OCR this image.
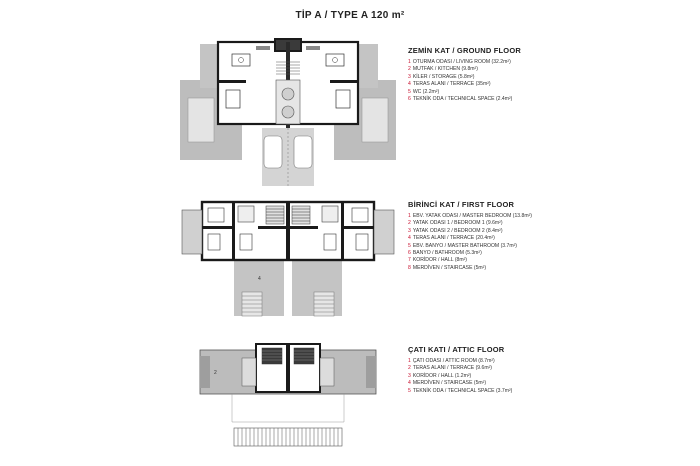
TİP A / TYPE A 120 m²
ZEMİN KAT / GROUND FLOOR
1 OTURMA ODASI / LIVING ROOM (32.2m²)
2 MUTFAK / KITCHEN (9.8m²)
3 KİLER / STORAGE (5.8m²)
4 TERAS ALANI / TERRACE (35m²)
5 WC (2.2m²)
6 TEKNİK ODA / TECHNICAL SPACE (2.4m²)
4
BİRİNCİ KAT / FIRST FLOOR
1 EBV. YATAK ODASI / MASTER BEDROOM (13.8m²)
2 YATAK ODASI 1 / BEDROOM 1 (9.6m²)
3 YATAK ODASI 2 / BEDROOM 2 (8.4m²)
4 TERAS ALANI / TERRACE (20.4m²)
5 EBV. BANYO / MASTER BATHROOM (3.7m²)
6 BANYO / BATHROOM (5.3m²)
7 KORİDOR / HALL (8m²)
8 MERDİVEN / STAIRCASE (5m²)
2
ÇATI KATI / ATTIC FLOOR
1 ÇATI ODASI / ATTIC ROOM (8.7m²)
2 TERAS ALANI / TERRACE (9.6m²)
3 KORİDOR / HALL (1.2m²)
4 MERDİVEN / STAIRCASE (5m²)
5 TEKNİK ODA / TECHNICAL SPACE (3.7m²)
